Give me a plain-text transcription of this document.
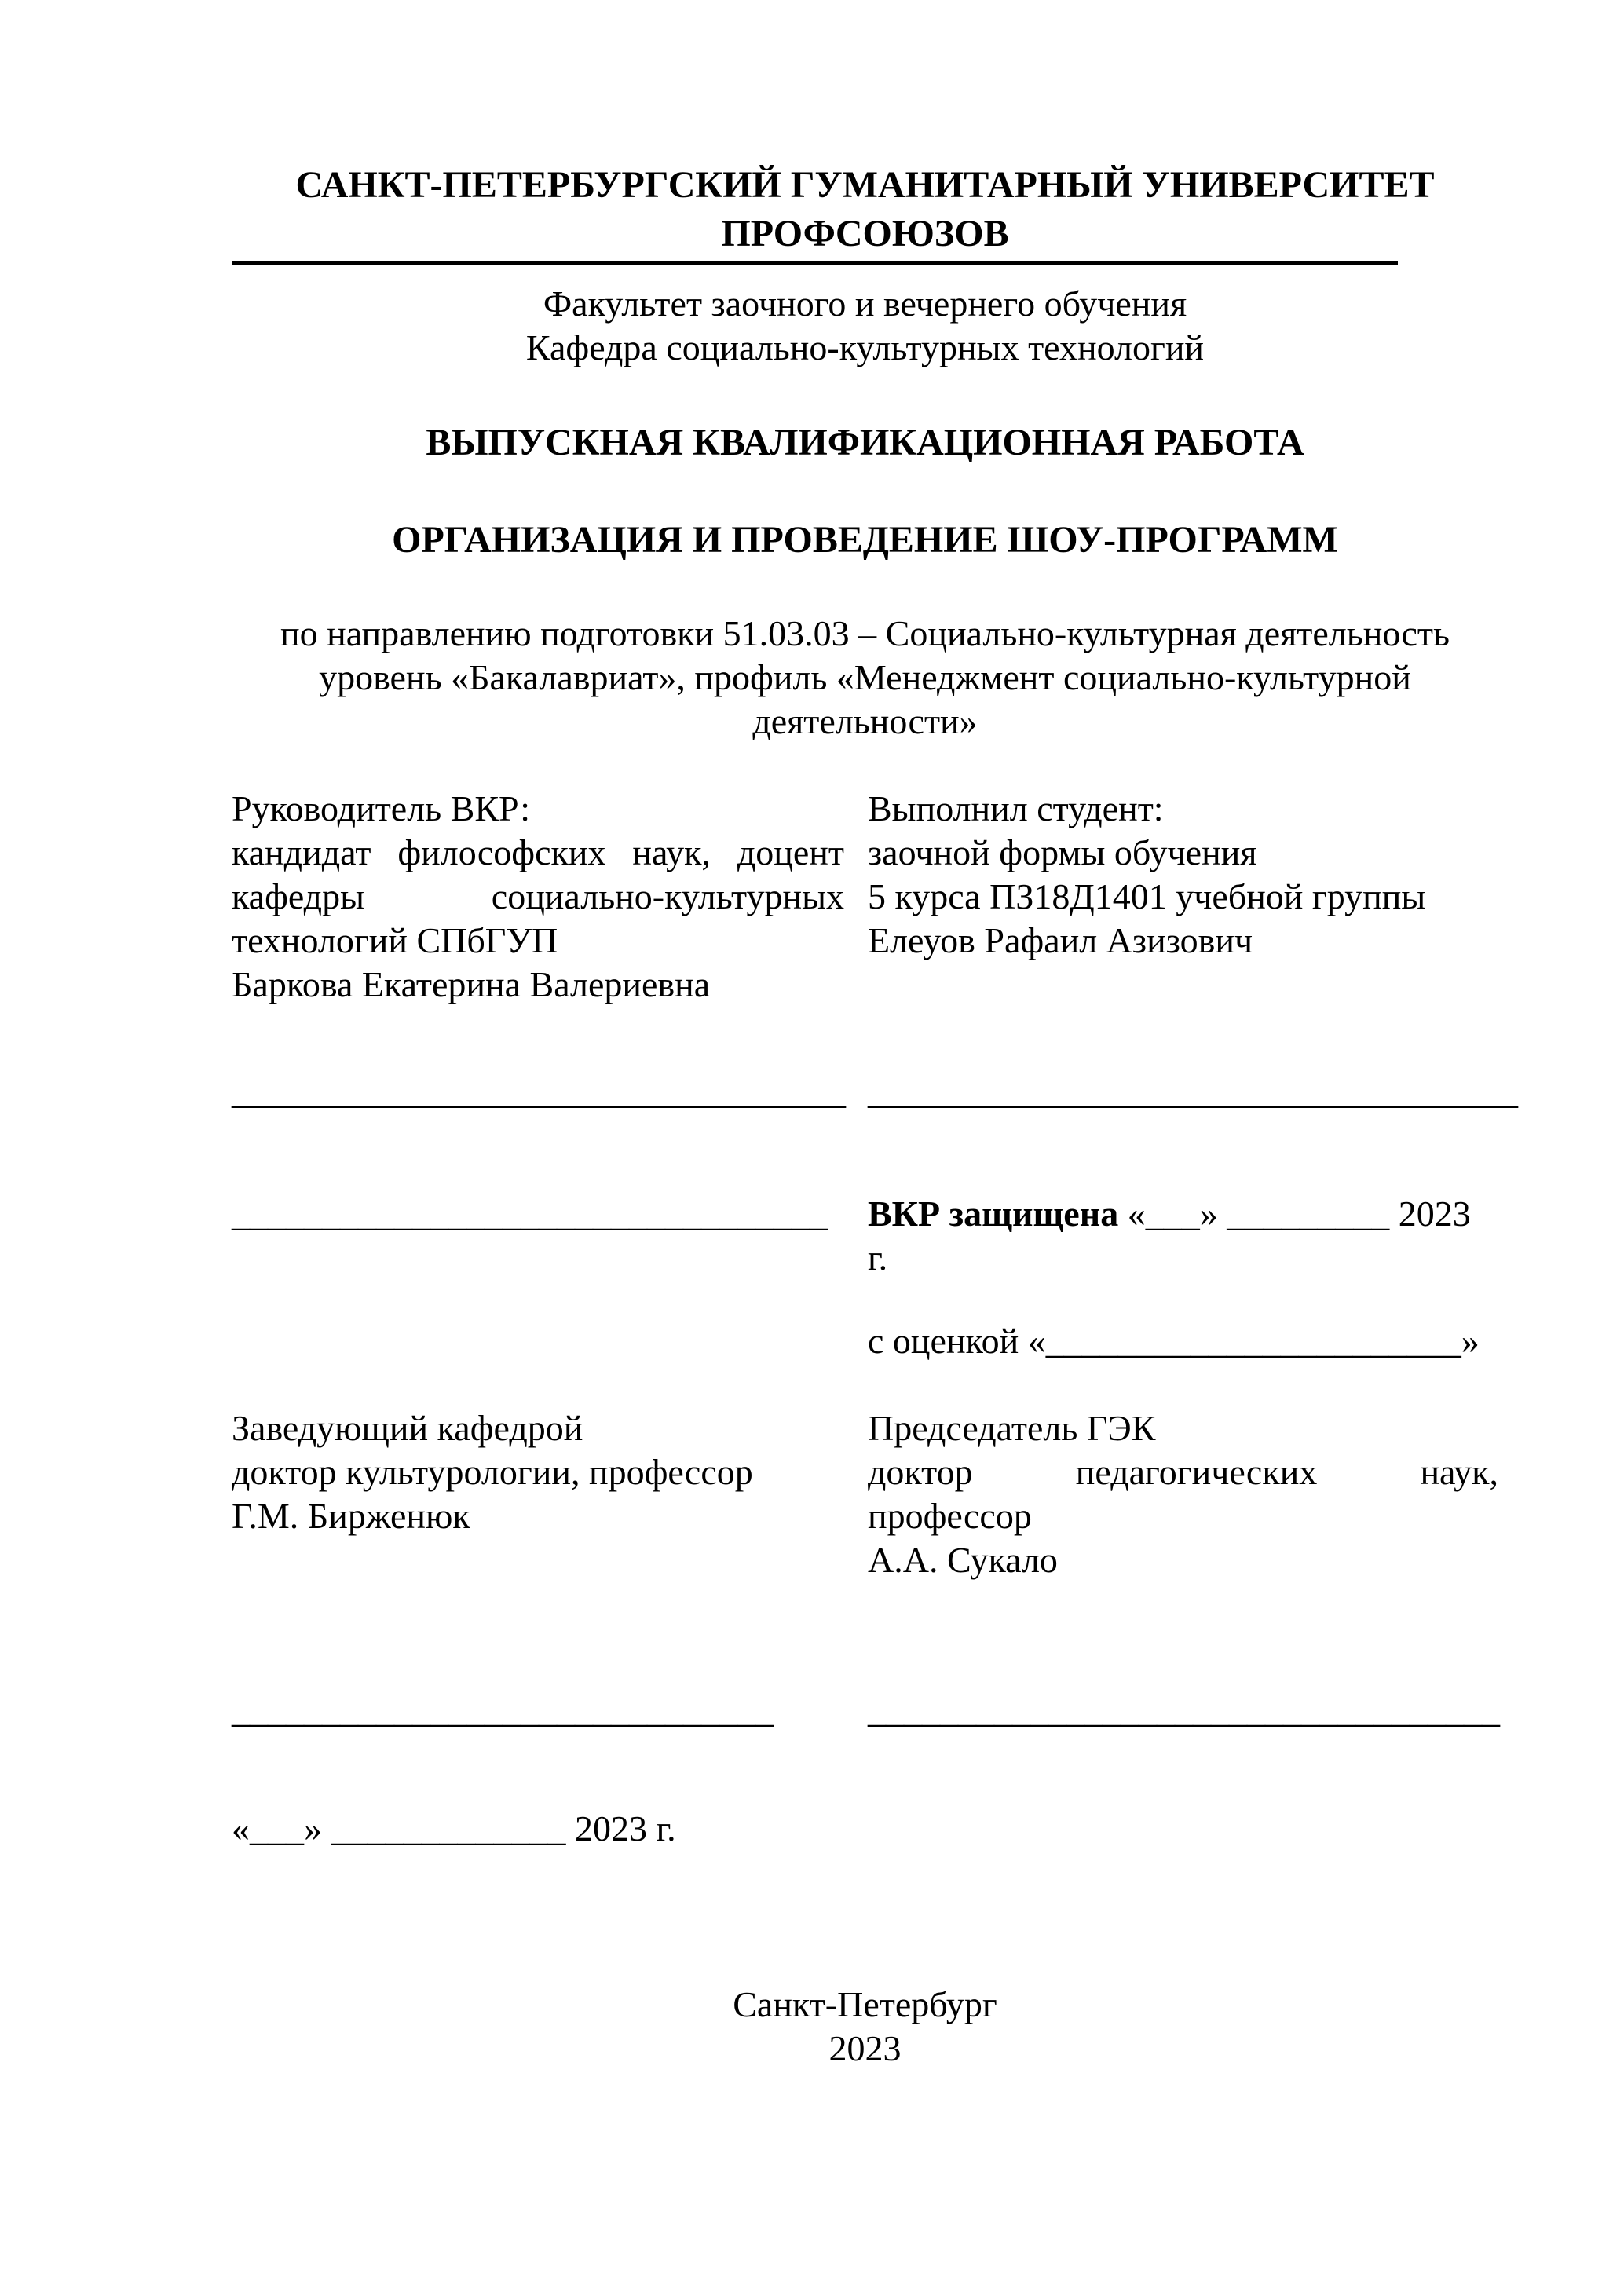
САНКТ-ПЕТЕРБУРГСКИЙ ГУМАНИТАРНЫЙ УНИВЕРСИТЕТ
ПРОФСОЮЗОВ
Факультет заочного и вечернего обучения
Кафедра социально-культурных технологий
ВЫПУСКНАЯ КВАЛИФИКАЦИОННАЯ РАБОТА
ОРГАНИЗАЦИЯ И ПРОВЕДЕНИЕ ШОУ-ПРОГРАММ
по направлению подготовки 51.03.03 – Социально-культурная деятельность
уровень «Бакалавриат», профиль «Менеджмент социально-культурной
деятельности»
Руководитель ВКР:
кандидат философских наук, доцент
кафедры социально-культурных
технологий СПбГУП
Баркова Екатерина Валериевна
Выполнил студент:
заочной формы обучения
5 курса ПЗ18Д1401 учебной группы
Елеуов Рафаил Азизович
__________________________________ ____________________________________
_________________________________	ВКР защищена «___» _________ 2023 г.
с оценкой «_______________________»
Заведующий кафедрой
доктор культурологии, профессор
Г.М. Бирженюк
Председатель ГЭК
доктор педагогических наук,
профессор
А.А. Сукало
______________________________	___________________________________
«___» _____________ 2023 г.
Санкт-Петербург
2023
